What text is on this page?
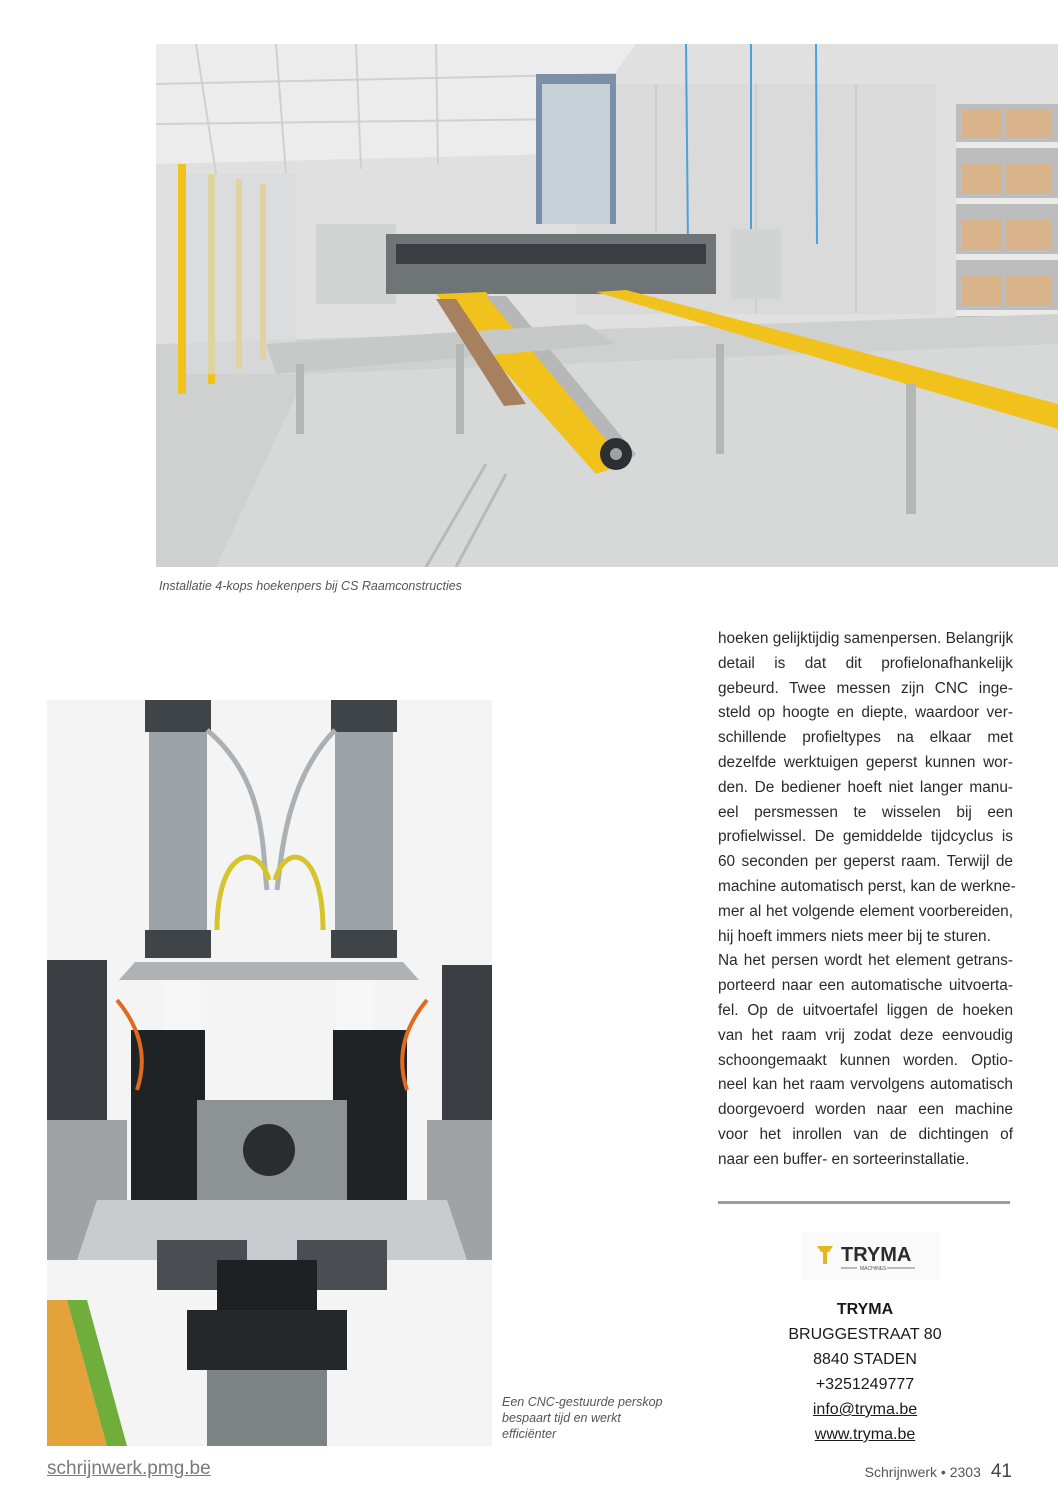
Installatie 4-kops hoekenpers bij CS Raamconstructies
Een CNC-gestuurde perskop
bespaart tijd en werkt
efficiënter
hoeken gelijktijdig samenpersen. Belangrijk
detail is dat dit profielonafhankelijk
gebeurd. Twee messen zijn CNC inge-
steld op hoogte en diepte, waardoor ver-
schillende profieltypes na elkaar met
dezelfde werktuigen geperst kunnen wor-
den. De bediener hoeft niet langer manu-
eel persmessen te wisselen bij een
profielwissel. De gemiddelde tijdcyclus is
60 seconden per geperst raam. Terwijl de
machine automatisch perst, kan de werkne-
mer al het volgende element voorbereiden,
hij hoeft immers niets meer bij te sturen.
Na het persen wordt het element getrans-
porteerd naar een automatische uitvoerta-
fel. Op de uitvoertafel liggen de hoeken
van het raam vrij zodat deze eenvoudig
schoongemaakt kunnen worden. Optio-
neel kan het raam vervolgens automatisch
doorgevoerd worden naar een machine
voor het inrollen van de dichtingen of
naar een buffer- en sorteerinstallatie.
TRYMA
MACHINES
TRYMA
BRUGGESTRAAT 80
8840 STADEN
+3251249777
info@tryma.be
www.tryma.be
schrijnwerk.pmg.be	Schrijnwerk • 2303 41
